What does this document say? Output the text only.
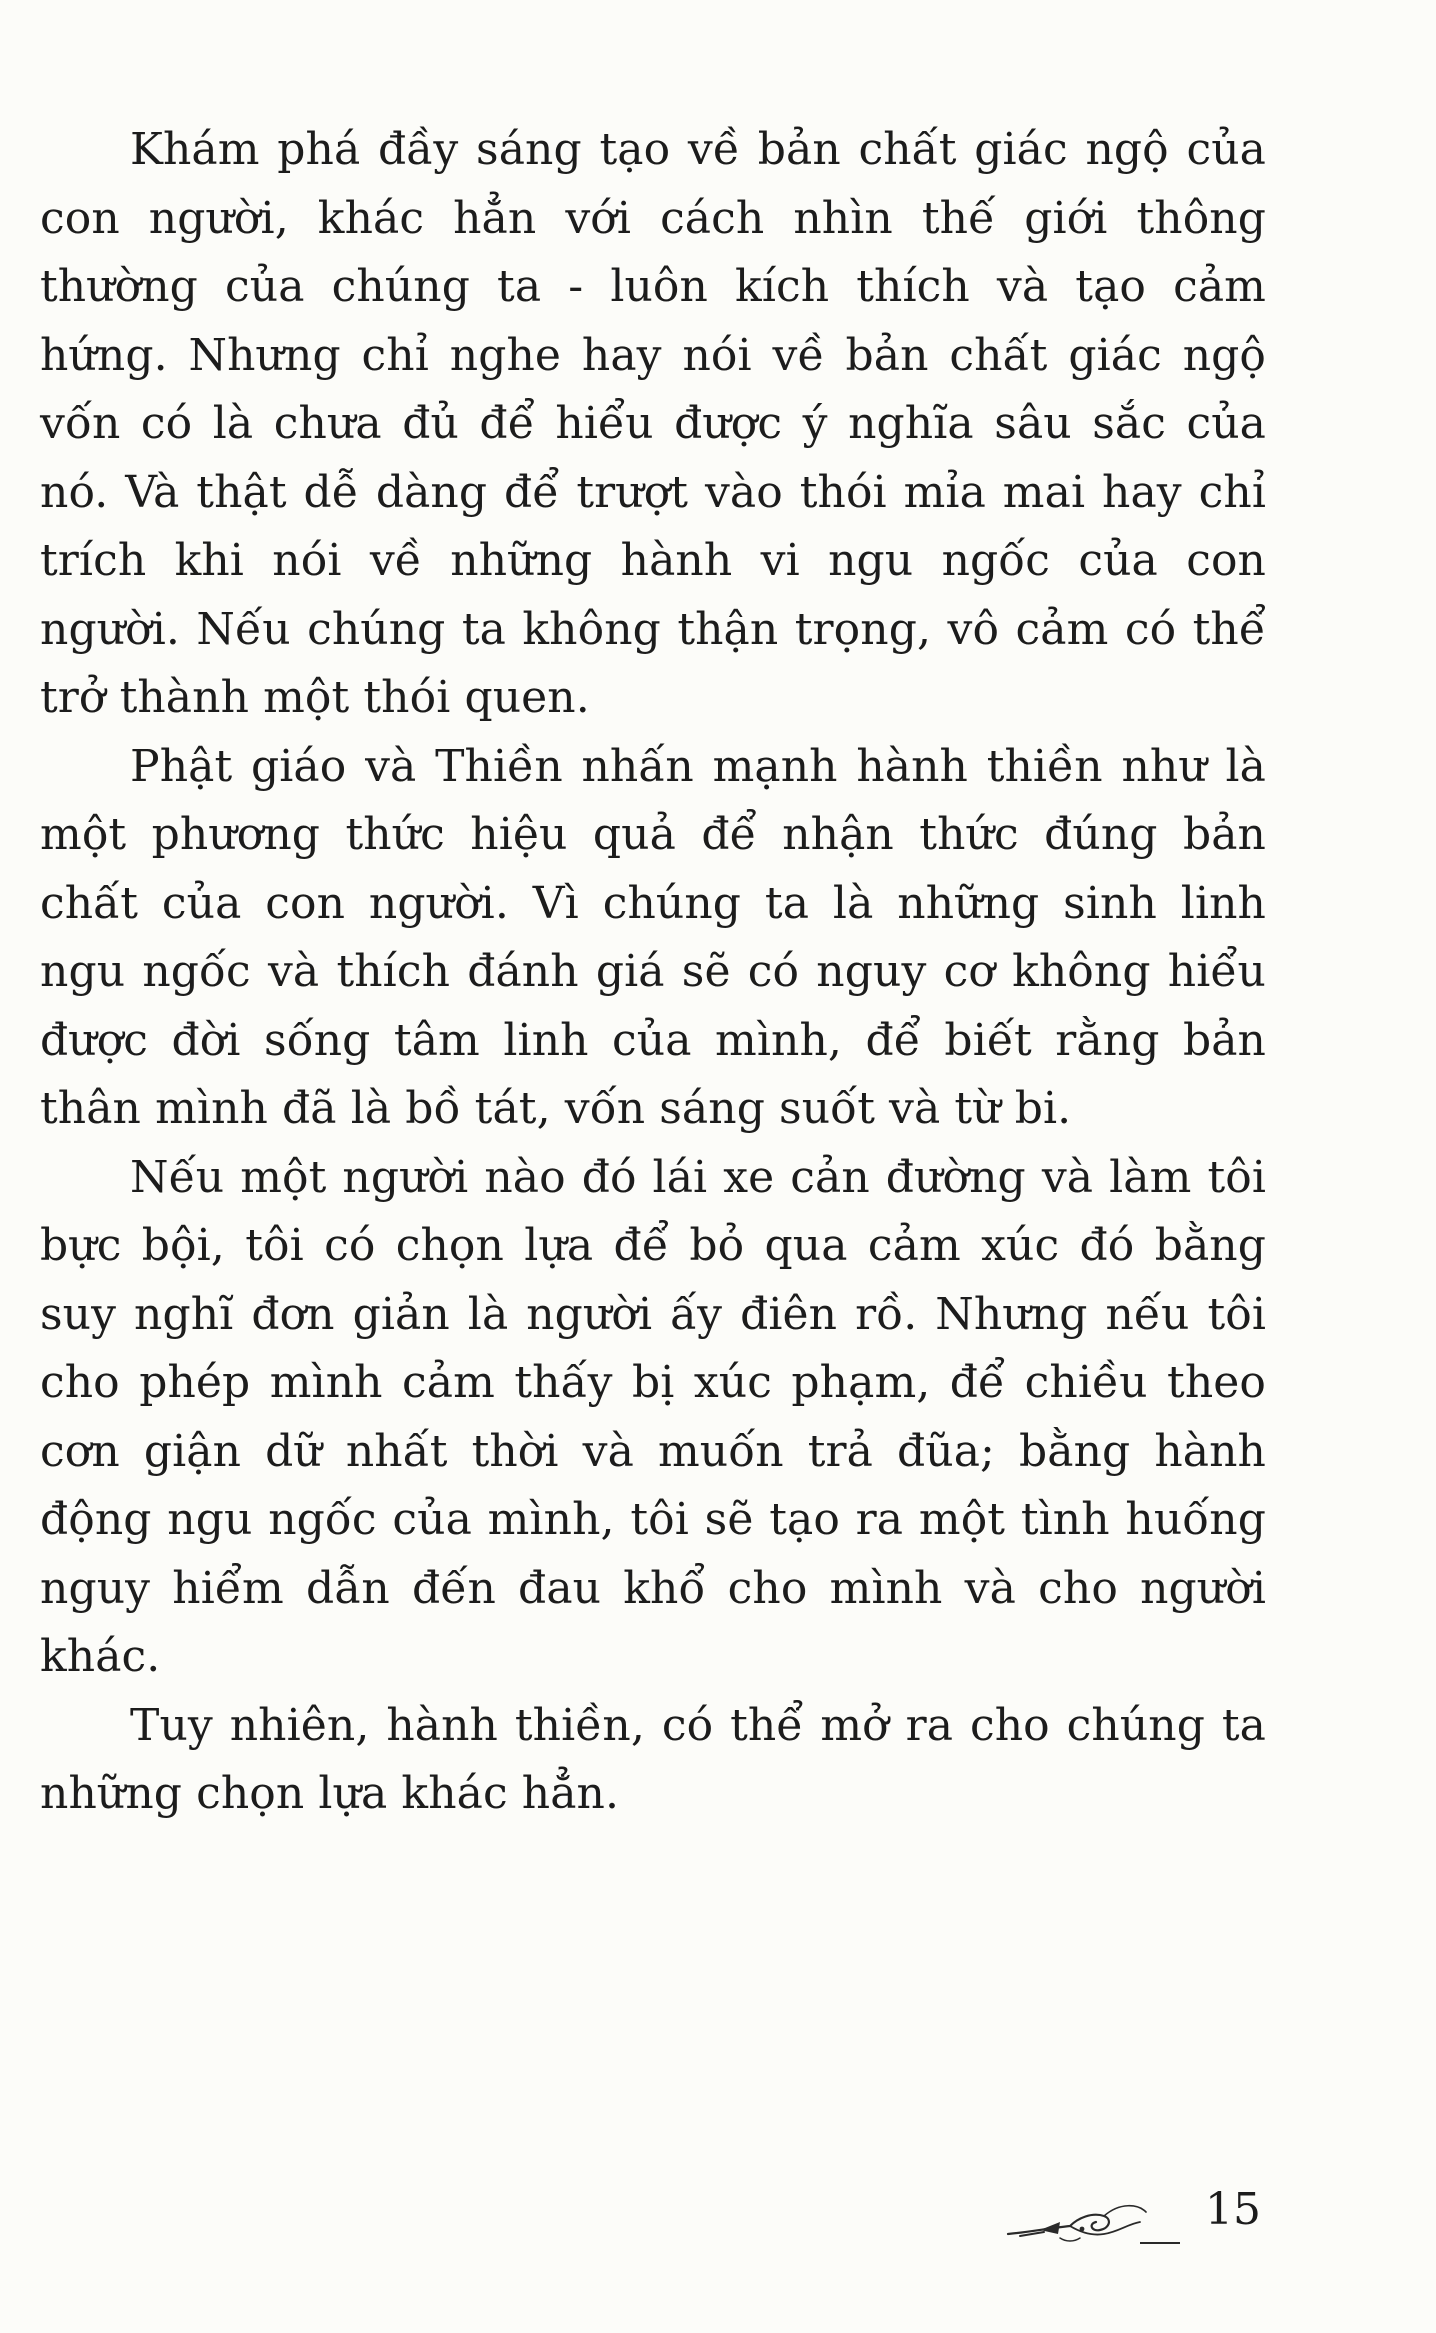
Khám phá đầy sáng tạo về bản chất giác ngộ của con người, khác hẳn với cách nhìn thế giới thông thường của chúng ta - luôn kích thích và tạo cảm hứng. Nhưng chỉ nghe hay nói về bản chất giác ngộ vốn có là chưa đủ để hiểu được ý nghĩa sâu sắc của nó. Và thật dễ dàng để trượt vào thói mỉa mai hay chỉ trích khi nói về những hành vi ngu ngốc của con người. Nếu chúng ta không thận trọng, vô cảm có thể trở thành một thói quen.

Phật giáo và Thiền nhấn mạnh hành thiền như là một phương thức hiệu quả để nhận thức đúng bản chất của con người. Vì chúng ta là những sinh linh ngu ngốc và thích đánh giá sẽ có nguy cơ không hiểu được đời sống tâm linh của mình, để biết rằng bản thân mình đã là bồ tát, vốn sáng suốt và từ bi.

Nếu một người nào đó lái xe cản đường và làm tôi bực bội, tôi có chọn lựa để bỏ qua cảm xúc đó bằng suy nghĩ đơn giản là người ấy điên rồ. Nhưng nếu tôi cho phép mình cảm thấy bị xúc phạm, để chiều theo cơn giận dữ nhất thời và muốn trả đũa; bằng hành động ngu ngốc của mình, tôi sẽ tạo ra một tình huống nguy hiểm dẫn đến đau khổ cho mình và cho người khác.

Tuy nhiên, hành thiền, có thể mở ra cho chúng ta những chọn lựa khác hẳn.

15
